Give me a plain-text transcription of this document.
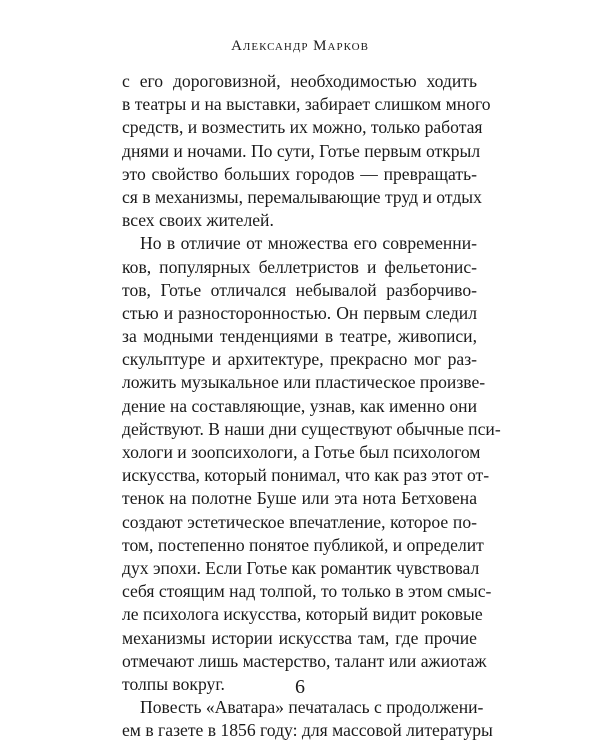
Александр Марков
с его дороговизной, необходимостью ходить
в театры и на выставки, забирает слишком много
средств, и возместить их можно, только работая
днями и ночами. По сути, Готье первым открыл
это свойство больших городов — превращать-
ся в механизмы, перемалывающие труд и отдых
всех своих жителей.
Но в отличие от множества его современни-
ков, популярных беллетристов и фельетонис-
тов, Готье отличался небывалой разборчиво-
стью и разносторонностью. Он первым следил
за модными тенденциями в театре, живописи,
скульптуре и архитектуре, прекрасно мог раз-
ложить музыкальное или пластическое произве-
дение на составляющие, узнав, как именно они
действуют. В наши дни существуют обычные пси-
хологи и зоопсихологи, а Готье был психологом
искусства, который понимал, что как раз этот от-
тенок на полотне Буше или эта нота Бетховена
создают эстетическое впечатление, которое по-
том, постепенно понятое публикой, и определит
дух эпохи. Если Готье как романтик чувствовал
себя стоящим над толпой, то только в этом смыс-
ле психолога искусства, который видит роковые
механизмы истории искусства там, где прочие
отмечают лишь мастерство, талант или ажиотаж
толпы вокруг.
Повесть «Аватара» печаталась с продолжени-
ем в газете в 1856 году: для массовой литературы
6
